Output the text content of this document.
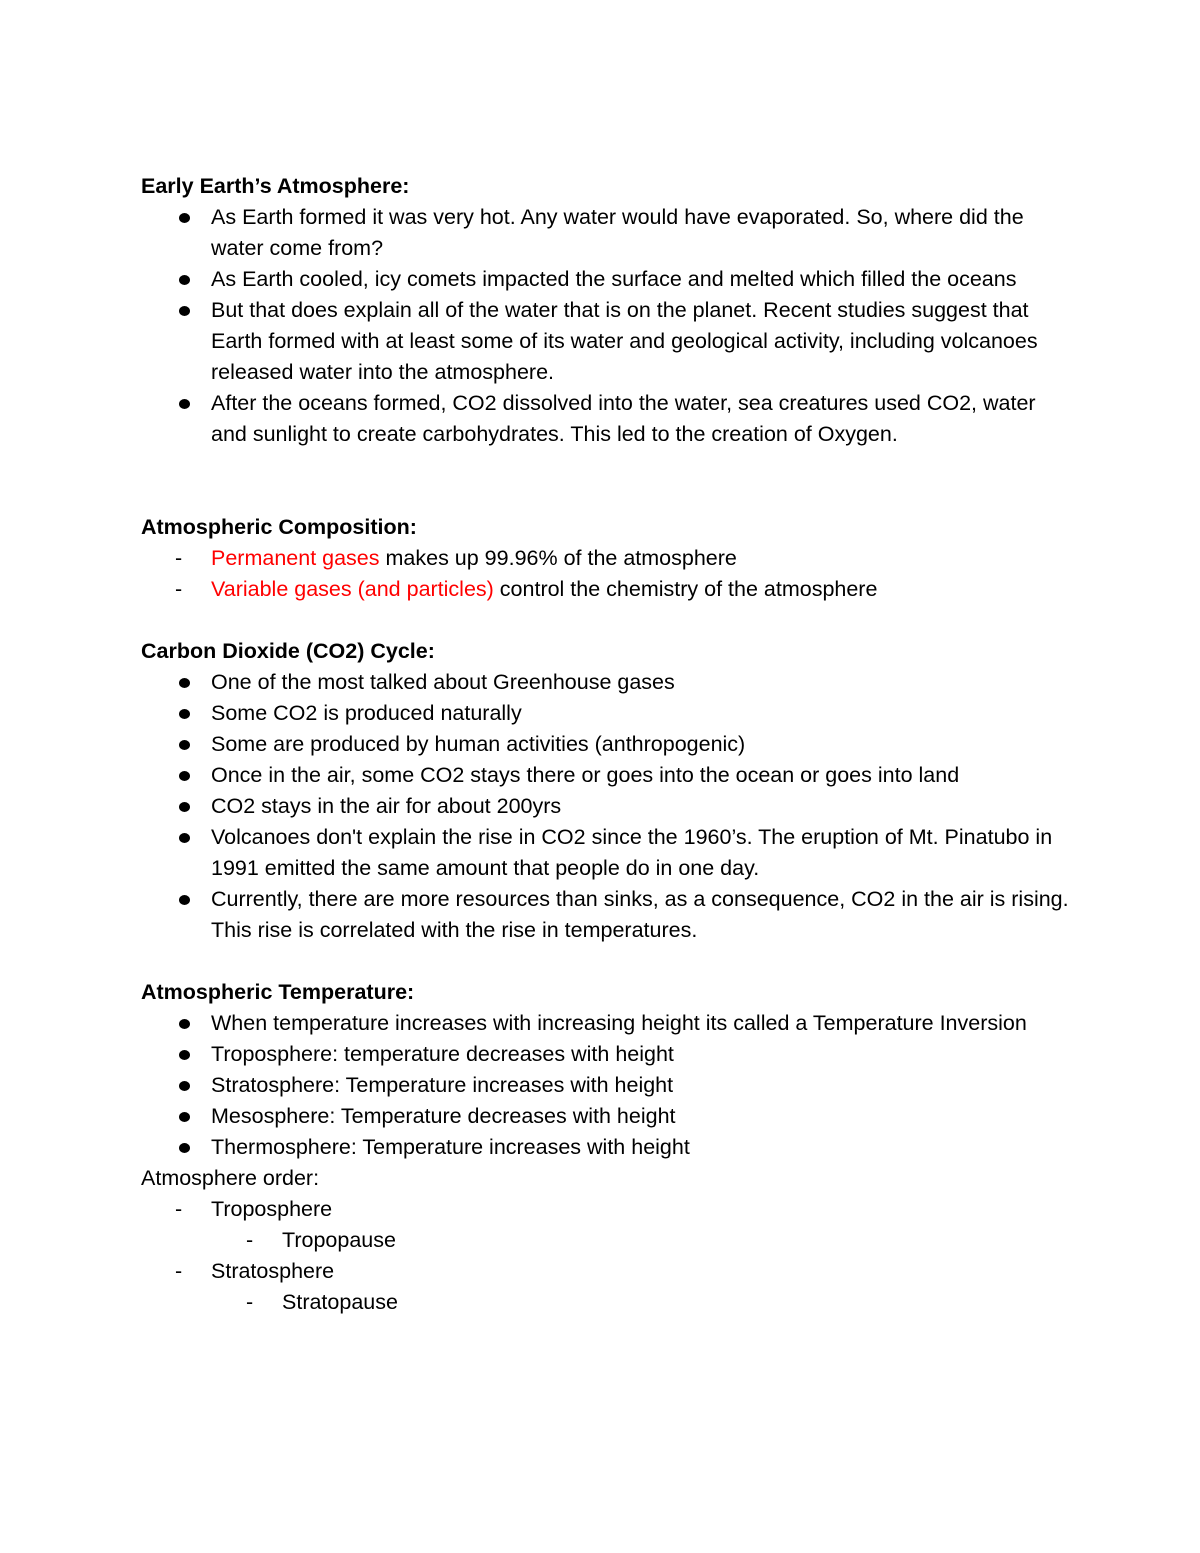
Early Earth’s Atmosphere:

As Earth formed it was very hot. Any water would have evaporated. So, where did the water come from?
As Earth cooled, icy comets impacted the surface and melted which filled the oceans
But that does explain all of the water that is on the planet. Recent studies suggest that Earth formed with at least some of its water and geological activity, including volcanoes released water into the atmosphere.
After the oceans formed, CO2 dissolved into the water, sea creatures used CO2, water and sunlight to create carbohydrates. This led to the creation of Oxygen.

Atmospheric Composition:

- Permanent gases makes up 99.96% of the atmosphere
- Variable gases (and particles) control the chemistry of the atmosphere

Carbon Dioxide (CO2) Cycle:

One of the most talked about Greenhouse gases
Some CO2 is produced naturally
Some are produced by human activities (anthropogenic)
Once in the air, some CO2 stays there or goes into the ocean or goes into land
CO2 stays in the air for about 200yrs
Volcanoes don't explain the rise in CO2 since the 1960’s. The eruption of Mt. Pinatubo in 1991 emitted the same amount that people do in one day.
Currently, there are more resources than sinks, as a consequence, CO2 in the air is rising. This rise is correlated with the rise in temperatures.

Atmospheric Temperature:

When temperature increases with increasing height its called a Temperature Inversion
Troposphere: temperature decreases with height
Stratosphere: Temperature increases with height
Mesosphere: Temperature decreases with height
Thermosphere: Temperature increases with height

Atmosphere order:

- Troposphere
- Tropopause
- Stratosphere
- Stratopause
